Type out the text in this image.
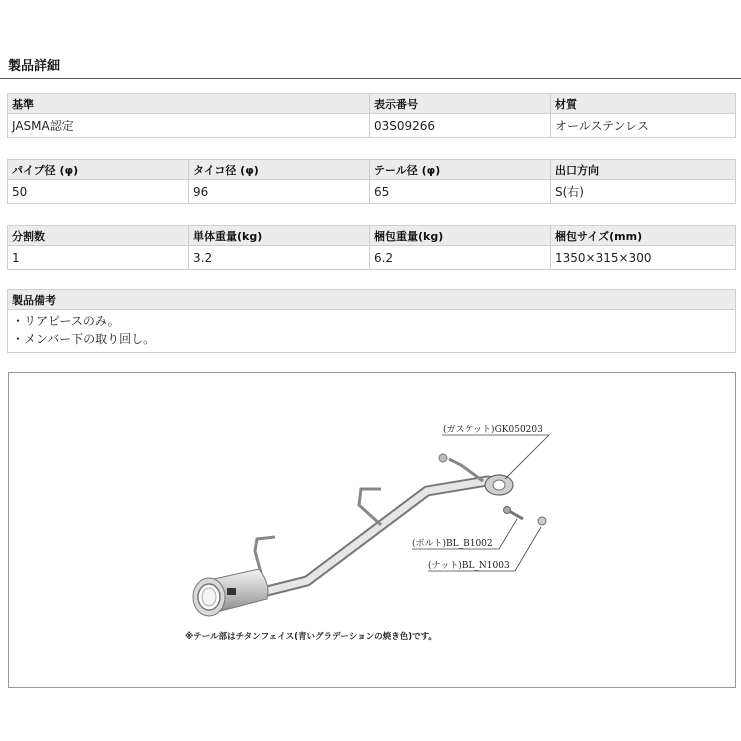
製品詳細
基準	表示番号	材質
JASMA認定	03S09266	オールステンレス
パイプ径 (φ)	タイコ径 (φ)	テール径 (φ)	出口方向
50	96	65	S(右)
分割数	単体重量(kg)	梱包重量(kg)	梱包サイズ(mm)
1	3.2	6.2	1350×315×300
製品備考

・リアピースのみ。
・メンバー下の取り回し。
(ガスケット)GK050203
(ボルト)BL_B1002
(ナット)BL_N1003
※テール部はチタンフェイス(青いグラデーションの焼き色)です。
